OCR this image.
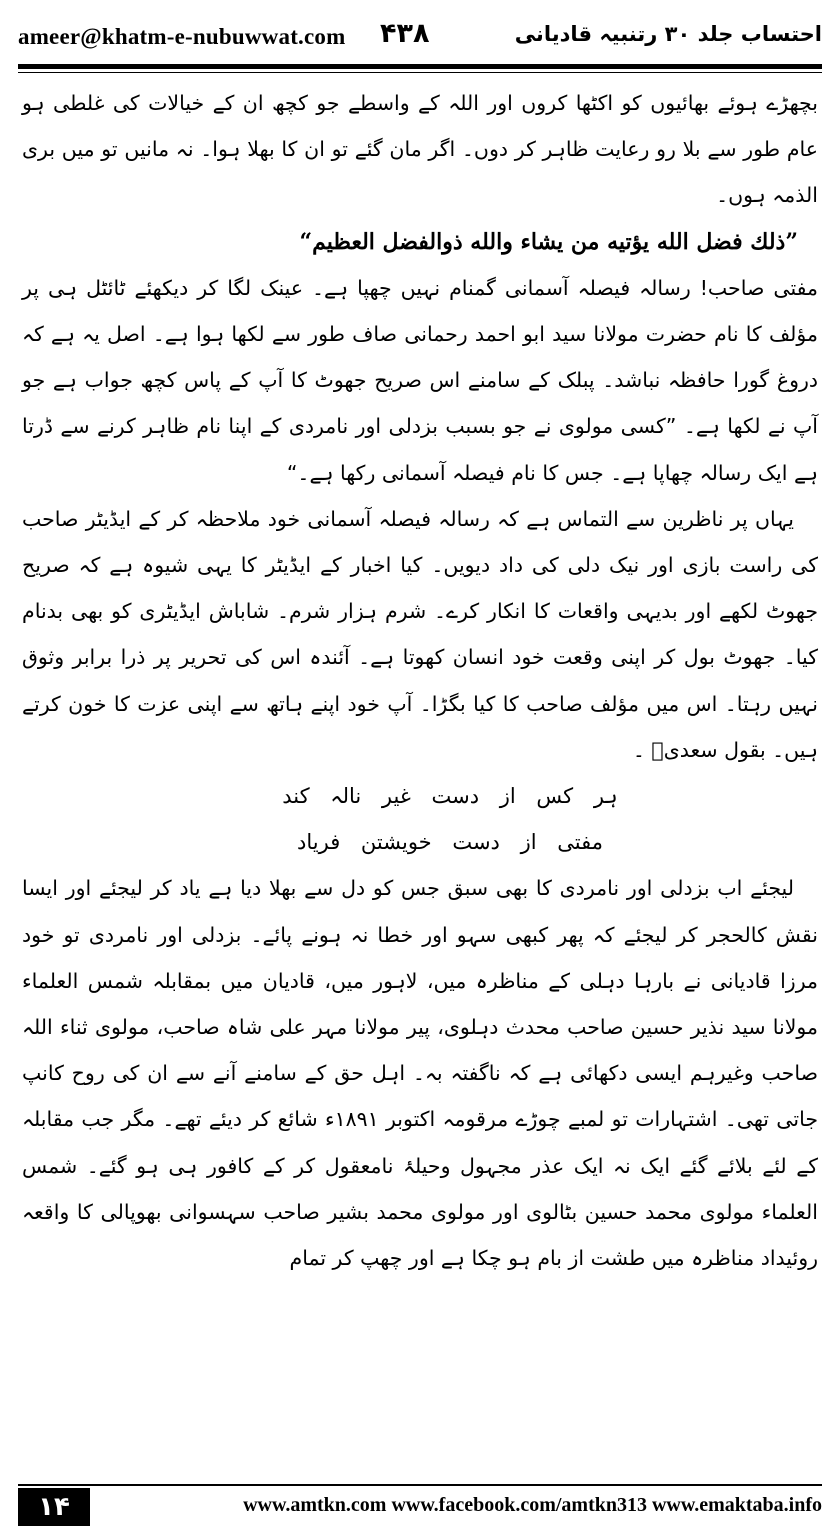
ameer@khatm-e-nubuwwat.com ۴۳۸	احتساب جلد ۳۰ رتنبیہ قادیانی

بچھڑے ہوئے بھائیوں کو اکٹھا کروں اور اللہ کے واسطے جو کچھ ان کے خیالات کی غلطی ہو عام طور سے بلا رو رعایت ظاہر کر دوں۔ اگر مان گئے تو ان کا بھلا ہوا۔ نہ مانیں تو میں بری الذمہ ہوں۔

”ذلك فضل الله يؤتيه من يشاء والله ذوالفضل العظيم“

مفتی صاحب! رسالہ فیصلہ آسمانی گمنام نہیں چھپا ہے۔ عینک لگا کر دیکھئے ٹائٹل ہی پر مؤلف کا نام حضرت مولانا سید ابو احمد رحمانی صاف طور سے لکھا ہوا ہے۔ اصل یہ ہے کہ دروغ گورا حافظہ نباشد۔ پبلک کے سامنے اس صریح جھوٹ کا آپ کے پاس کچھ جواب ہے جو آپ نے لکھا ہے۔ ”کسی مولوی نے جو بسبب بزدلی اور نامردی کے اپنا نام ظاہر کرنے سے ڈرتا ہے ایک رسالہ چھاپا ہے۔ جس کا نام فیصلہ آسمانی رکھا ہے۔“

یہاں پر ناظرین سے التماس ہے کہ رسالہ فیصلہ آسمانی خود ملاحظہ کر کے ایڈیٹر صاحب کی راست بازی اور نیک دلی کی داد دیویں۔ کیا اخبار کے ایڈیٹر کا یہی شیوہ ہے کہ صریح جھوٹ لکھے اور بدیہی واقعات کا انکار کرے۔ شرم ہزار شرم۔ شاباش ایڈیٹری کو بھی بدنام کیا۔ جھوٹ بول کر اپنی وقعت خود انسان کھوتا ہے۔ آئندہ اس کی تحریر پر ذرا برابر وثوق نہیں رہتا۔ اس میں مؤلف صاحب کا کیا بگڑا۔ آپ خود اپنے ہاتھ سے اپنی عزت کا خون کرتے ہیں۔ بقول سعدیؒ ۔

ہر کس از دست غیر نالہ کند

مفتی از دست خویشتن فریاد

لیجئے اب بزدلی اور نامردی کا بھی سبق جس کو دل سے بھلا دیا ہے یاد کر لیجئے اور ایسا نقش کالحجر کر لیجئے کہ پھر کبھی سہو اور خطا نہ ہونے پائے۔ بزدلی اور نامردی تو خود مرزا قادیانی نے بارہا دہلی کے مناظرہ میں، لاہور میں، قادیان میں بمقابلہ شمس العلماء مولانا سید نذیر حسین صاحب محدث دہلوی، پیر مولانا مہر علی شاہ صاحب، مولوی ثناء اللہ صاحب وغیرہم ایسی دکھائی ہے کہ ناگفتہ بہ۔ اہل حق کے سامنے آنے سے ان کی روح کانپ جاتی تھی۔ اشتہارات تو لمبے چوڑے مرقومہ اکتوبر ۱۸۹۱ء شائع کر دیئے تھے۔ مگر جب مقابلہ کے لئے بلائے گئے ایک نہ ایک عذر مجہول وحیلۂ نامعقول کر کے کافور ہی ہو گئے۔ شمس العلماء مولوی محمد حسین بٹالوی اور مولوی محمد بشیر صاحب سہسوانی بھوپالی کا واقعہ روئیداد مناظرہ میں طشت از بام ہو چکا ہے اور چھپ کر تمام

۱۴	www.amtkn.com www.facebook.com/amtkn313 www.emaktaba.info
